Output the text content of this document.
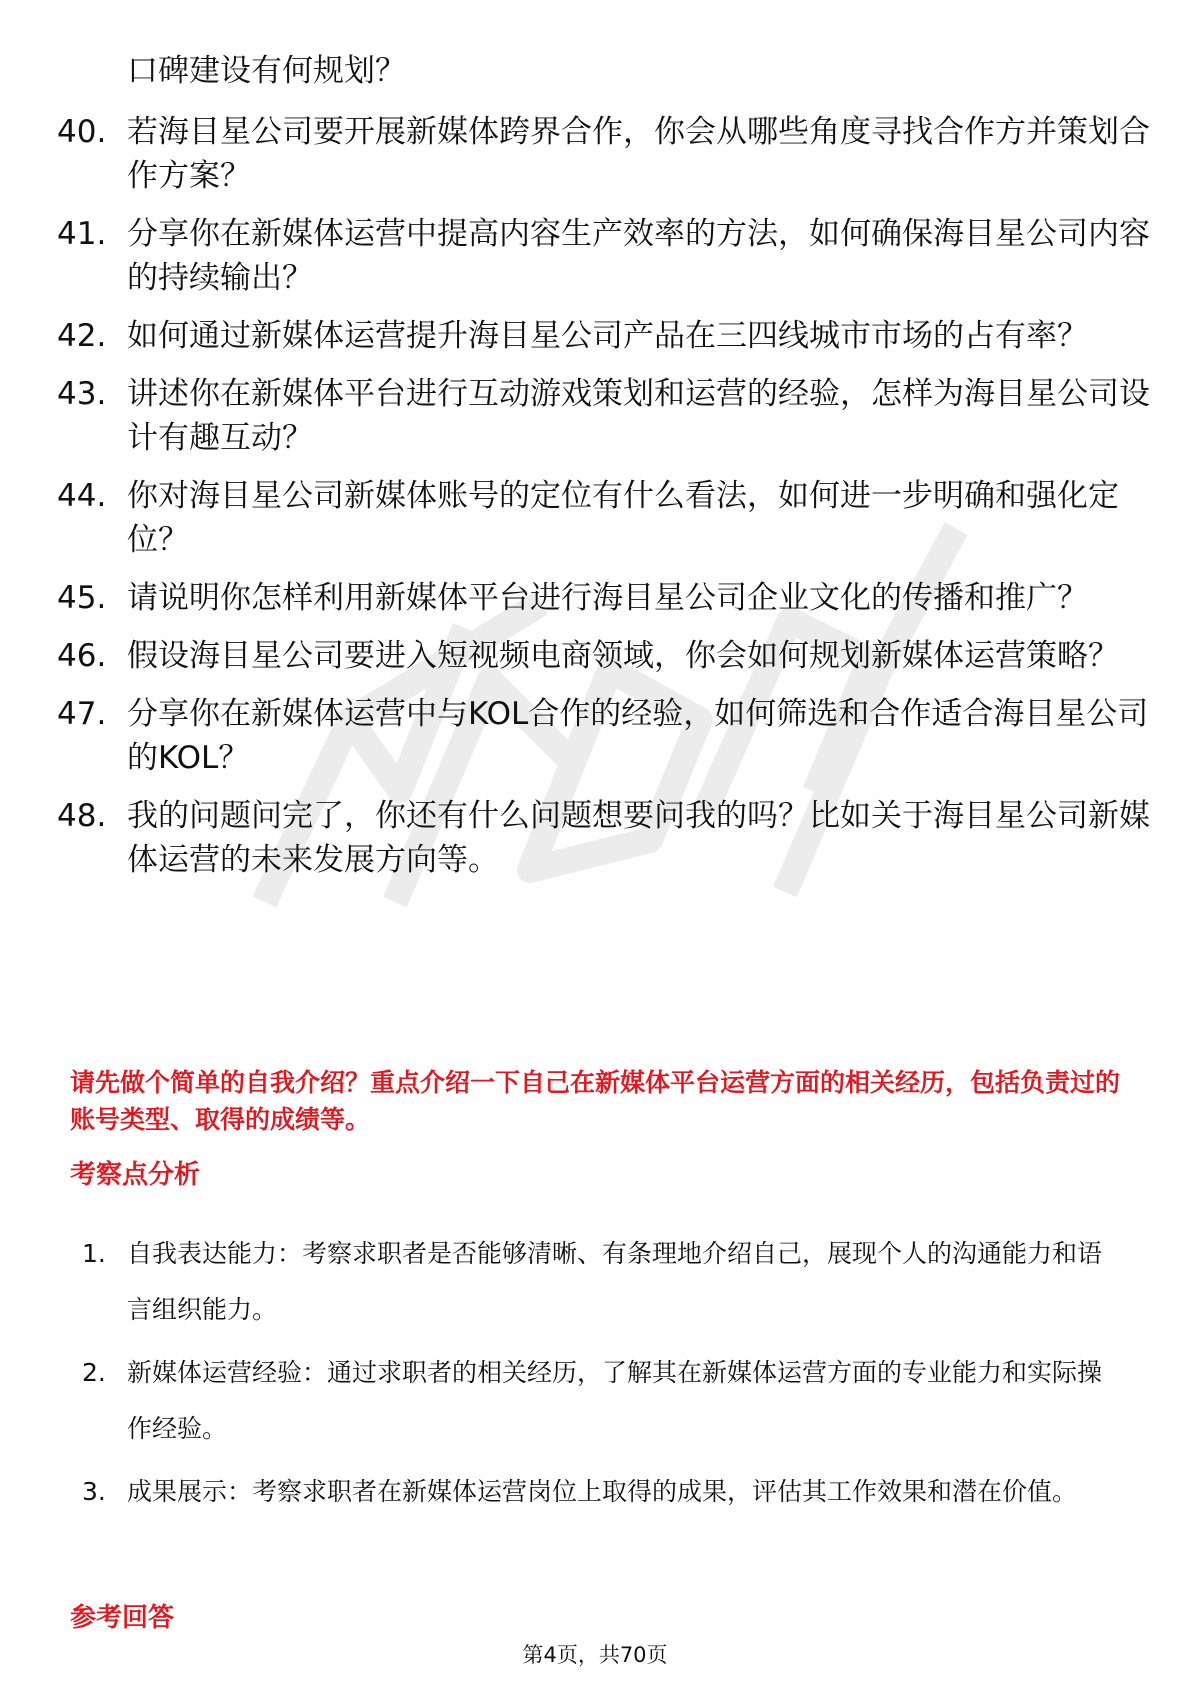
口碑建设有何规划？
40. 若海目星公司要开展新媒体跨界合作，你会从哪些角度寻找合作方并策划合作方案？
41. 分享你在新媒体运营中提高内容生产效率的方法，如何确保海目星公司内容的持续输出？
42. 如何通过新媒体运营提升海目星公司产品在三四线城市市场的占有率？
43. 讲述你在新媒体平台进行互动游戏策划和运营的经验，怎样为海目星公司设计有趣互动？
44. 你对海目星公司新媒体账号的定位有什么看法，如何进一步明确和强化定位？
45. 请说明你怎样利用新媒体平台进行海目星公司企业文化的传播和推广？
46. 假设海目星公司要进入短视频电商领域，你会如何规划新媒体运营策略？
47. 分享你在新媒体运营中与KOL合作的经验，如何筛选和合作适合海目星公司的KOL？
48. 我的问题问完了，你还有什么问题想要问我的吗？比如关于海目星公司新媒体运营的未来发展方向等。
请先做个简单的自我介绍？重点介绍一下自己在新媒体平台运营方面的相关经历，包括负责过的账号类型、取得的成绩等。
考察点分析
1. 自我表达能力：考察求职者是否能够清晰、有条理地介绍自己，展现个人的沟通能力和语言组织能力。
2. 新媒体运营经验：通过求职者的相关经历，了解其在新媒体运营方面的专业能力和实际操作经验。
3. 成果展示：考察求职者在新媒体运营岗位上取得的成果，评估其工作效果和潜在价值。
参考回答
第4页，共70页
